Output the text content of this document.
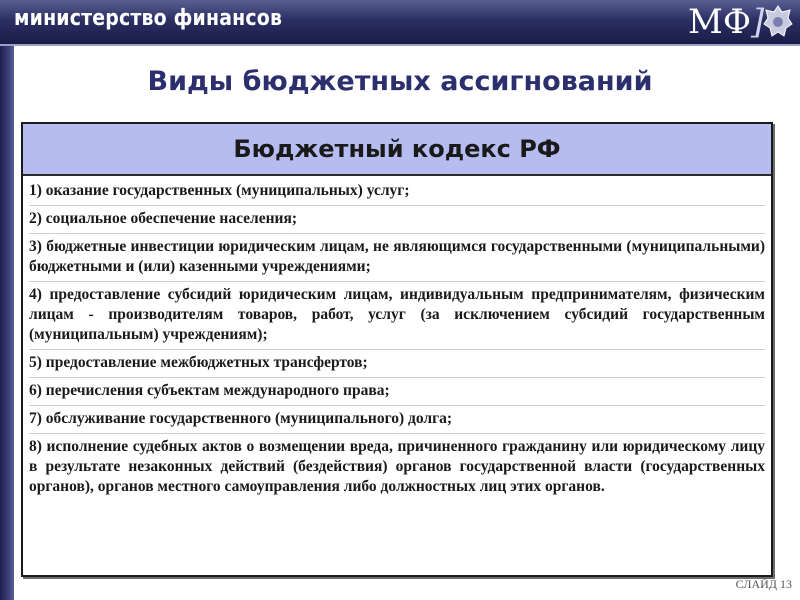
министерство финансов	МФ]
Виды бюджетных ассигнований
Бюджетный кодекс РФ
1) оказание государственных (муниципальных) услуг;
2) социальное обеспечение населения;
3) бюджетные инвестиции юридическим лицам, не являющимся государственными (муниципальными) бюджетными и (или) казенными учреждениями;
4) предоставление субсидий юридическим лицам, индивидуальным предпринимателям, физическим лицам - производителям товаров, работ, услуг (за исключением субсидий государственным (муниципальным) учреждениям);
5) предоставление межбюджетных трансфертов;
6) перечисления субъектам международного права;
7) обслуживание государственного (муниципального) долга;
8) исполнение судебных актов о возмещении вреда, причиненного гражданину или юридическому лицу в результате незаконных действий (бездействия) органов государственной власти (государственных органов), органов местного самоуправления либо должностных лиц этих органов.
СЛАЙД 13
